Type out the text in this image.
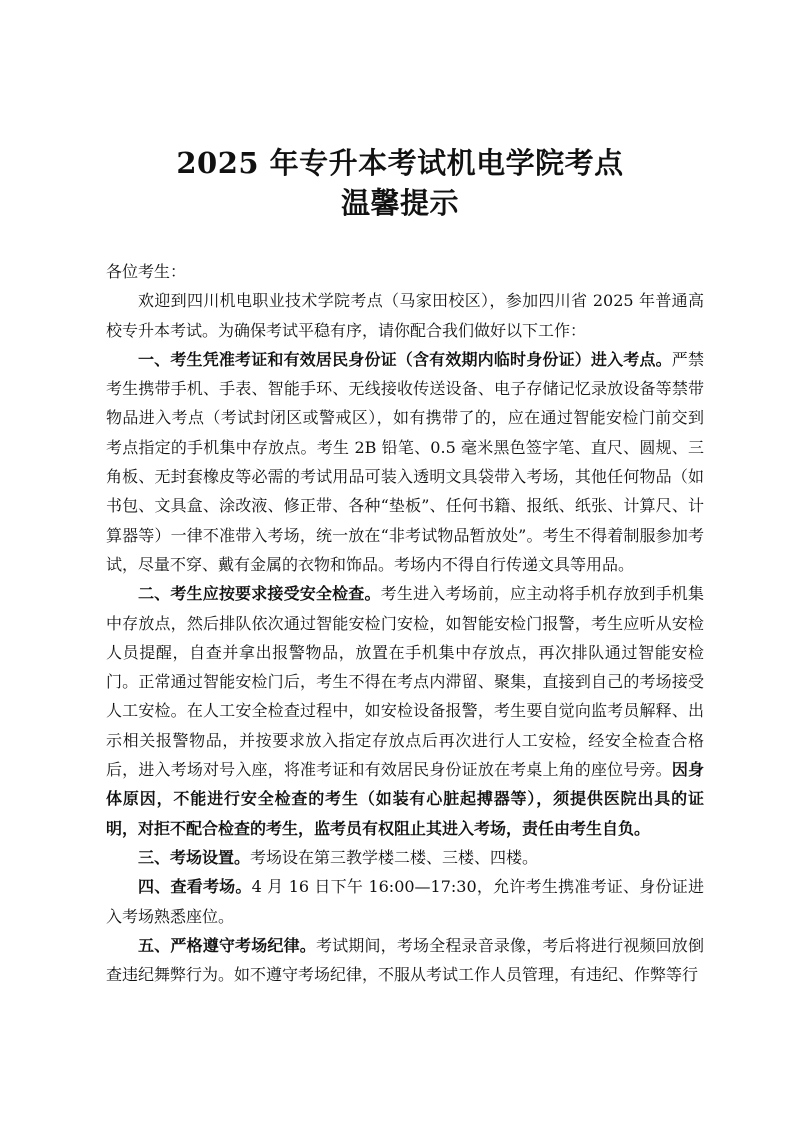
2025 年专升本考试机电学院考点
温馨提示

各位考生：

欢迎到四川机电职业技术学院考点（马家田校区），参加四川省 2025 年普通高校专升本考试。为确保考试平稳有序，请你配合我们做好以下工作：

一、考生凭准考证和有效居民身份证（含有效期内临时身份证）进入考点。严禁考生携带手机、手表、智能手环、无线接收传送设备、电子存储记忆录放设备等禁带物品进入考点（考试封闭区或警戒区），如有携带了的，应在通过智能安检门前交到考点指定的手机集中存放点。考生 2B 铅笔、0.5 毫米黑色签字笔、直尺、圆规、三角板、无封套橡皮等必需的考试用品可装入透明文具袋带入考场，其他任何物品（如书包、文具盒、涂改液、修正带、各种“垫板”、任何书籍、报纸、纸张、计算尺、计算器等）一律不准带入考场，统一放在“非考试物品暂放处”。考生不得着制服参加考试，尽量不穿、戴有金属的衣物和饰品。考场内不得自行传递文具等用品。

二、考生应按要求接受安全检查。考生进入考场前，应主动将手机存放到手机集中存放点，然后排队依次通过智能安检门安检，如智能安检门报警，考生应听从安检人员提醒，自查并拿出报警物品，放置在手机集中存放点，再次排队通过智能安检门。正常通过智能安检门后，考生不得在考点内滞留、聚集，直接到自己的考场接受人工安检。在人工安全检查过程中，如安检设备报警，考生要自觉向监考员解释、出示相关报警物品，并按要求放入指定存放点后再次进行人工安检，经安全检查合格后，进入考场对号入座，将准考证和有效居民身份证放在考桌上角的座位号旁。因身体原因，不能进行安全检查的考生（如装有心脏起搏器等），须提供医院出具的证明，对拒不配合检查的考生，监考员有权阻止其进入考场，责任由考生自负。

三、考场设置。考场设在第三教学楼二楼、三楼、四楼。

四、查看考场。4 月 16 日下午 16:00—17:30，允许考生携准考证、身份证进入考场熟悉座位。

五、严格遵守考场纪律。考试期间，考场全程录音录像，考后将进行视频回放倒查违纪舞弊行为。如不遵守考场纪律，不服从考试工作人员管理，有违纪、作弊等行
